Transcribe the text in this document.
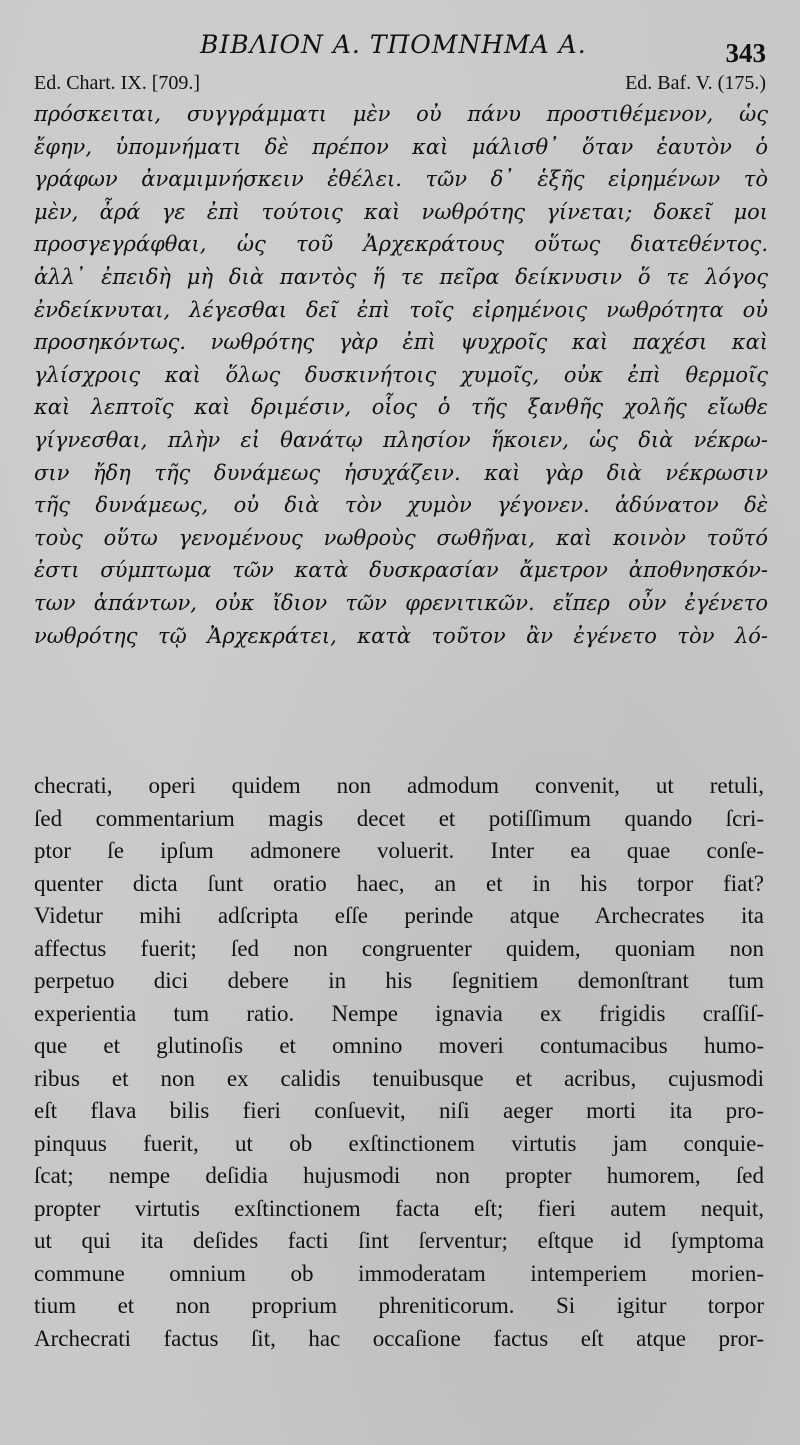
ΒΙΒΛΙΟΝ Α. ΤΠΟΜΝΗΜΑ Α.	343
Ed. Chart. IX. [709.]	Ed. Baf. V. (175.)
πρόσκειται, συγγράμματι μὲν οὐ πάνυ προστιθέμενον, ὡς
ἔφην, ὑπομνήματι δὲ πρέπον καὶ μάλισθ᾽ ὅταν ἑαυτὸν ὁ
γράφων ἀναμιμνήσκειν ἐθέλει. τῶν δ᾽ ἑξῆς εἰρημένων τὸ
μὲν, ἆρά γε ἐπὶ τούτοις καὶ νωθρότης γίνεται; δοκεῖ μοι
προσγεγράφθαι, ὡς τοῦ Ἀρχεκράτους οὕτως διατεθέντος.
ἀλλ᾽ ἐπειδὴ μὴ διὰ παντὸς ἥ τε πεῖρα δείκνυσιν ὅ τε λόγος
ἐνδείκνυται, λέγεσθαι δεῖ ἐπὶ τοῖς εἰρημένοις νωθρότητα οὐ
προσηκόντως. νωθρότης γὰρ ἐπὶ ψυχροῖς καὶ παχέσι καὶ
γλίσχροις καὶ ὅλως δυσκινήτοις χυμοῖς, οὐκ ἐπὶ θερμοῖς
καὶ λεπτοῖς καὶ δριμέσιν, οἷος ὁ τῆς ξανθῆς χολῆς εἴωθε
γίγνεσθαι, πλὴν εἰ θανάτῳ πλησίον ἥκοιεν, ὡς διὰ νέκρω-
σιν ἤδη τῆς δυνάμεως ἡσυχάζειν. καὶ γὰρ διὰ νέκρωσιν
τῆς δυνάμεως, οὐ διὰ τὸν χυμὸν γέγονεν. ἀδύνατον δὲ
τοὺς οὕτω γενομένους νωθροὺς σωθῆναι, καὶ κοινὸν τοῦτό
ἐστι σύμπτωμα τῶν κατὰ δυσκρασίαν ἄμετρον ἀποθνησκόν-
των ἁπάντων, οὐκ ἴδιον τῶν φρενιτικῶν. εἴπερ οὖν ἐγένετο
νωθρότης τῷ Ἀρχεκράτει, κατὰ τοῦτον ἂν ἐγένετο τὸν λό-
checrati, operi quidem non admodum convenit, ut retuli,
ſed commentarium magis decet et potiſſimum quando ſcri-
ptor ſe ipſum admonere voluerit. Inter ea quae conſe-
quenter dicta ſunt oratio haec, an et in his torpor fiat?
Videtur mihi adſcripta eſſe perinde atque Archecrates ita
affectus fuerit; ſed non congruenter quidem, quoniam non
perpetuo dici debere in his ſegnitiem demonſtrant tum
experientia tum ratio. Nempe ignavia ex frigidis craſſiſ-
que et glutinoſis et omnino moveri contumacibus humo-
ribus et non ex calidis tenuibusque et acribus, cujusmodi
eſt flava bilis fieri conſuevit, niſi aeger morti ita pro-
pinquus fuerit, ut ob exſtinctionem virtutis jam conquie-
ſcat; nempe deſidia hujusmodi non propter humorem, ſed
propter virtutis exſtinctionem facta eſt; fieri autem nequit,
ut qui ita deſides facti ſint ſerventur; eſtque id ſymptoma
commune omnium ob immoderatam intemperiem morien-
tium et non proprium phreniticorum. Si igitur torpor
Archecrati factus ſit, hac occaſione factus eſt atque pror-
